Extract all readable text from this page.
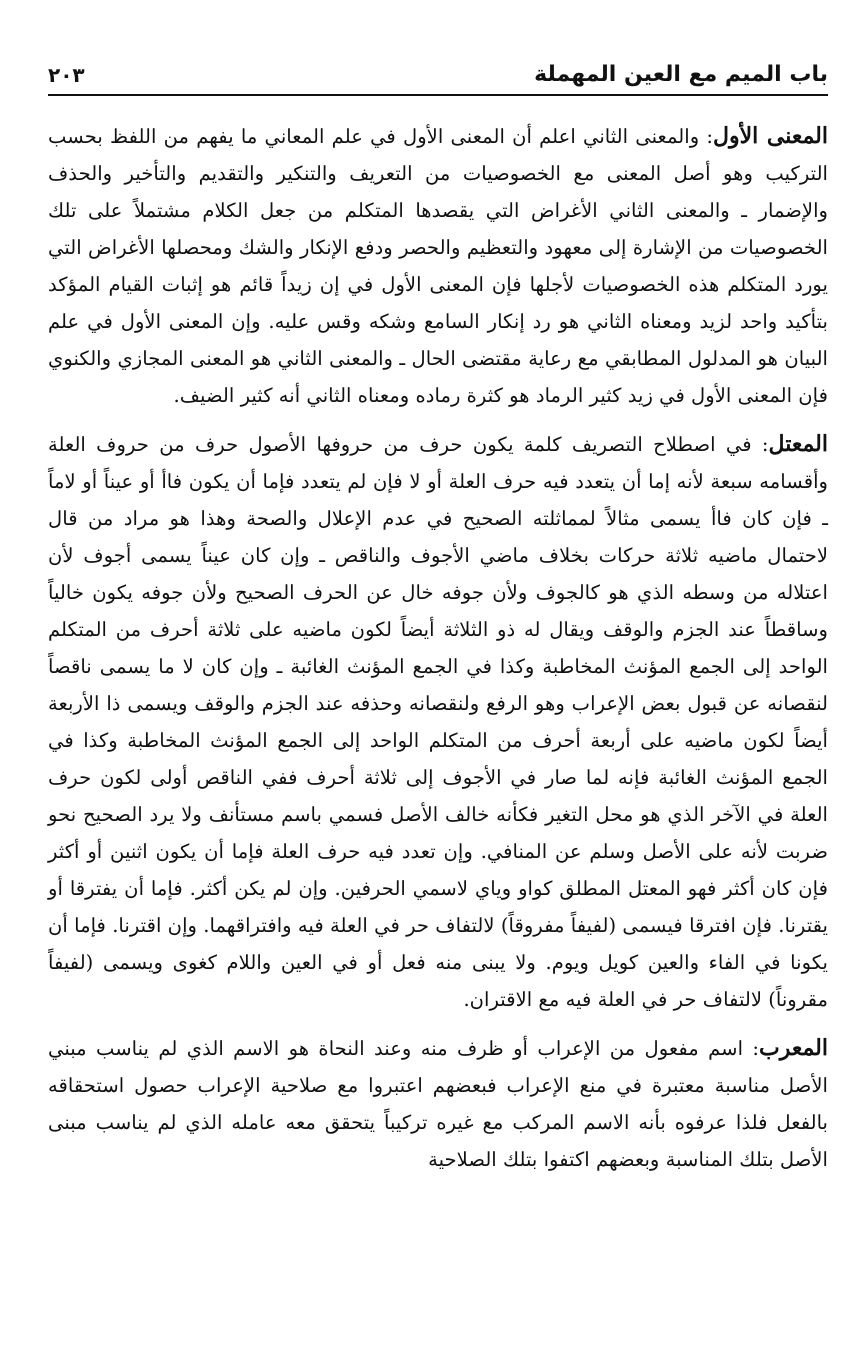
باب الميم مع العين المهملة
٢٠٣

المعنى الأول: والمعنى الثاني اعلم أن المعنى الأول في علم المعاني ما يفهم من اللفظ بحسب التركيب وهو أصل المعنى مع الخصوصيات من التعريف والتنكير والتقديم والتأخير والحذف والإضمار ـ والمعنى الثاني الأغراض التي يقصدها المتكلم من جعل الكلام مشتملاً على تلك الخصوصيات من الإشارة إلى معهود والتعظيم والحصر ودفع الإنكار والشك ومحصلها الأغراض التي يورد المتكلم هذه الخصوصيات لأجلها فإن المعنى الأول في إن زيداً قائم هو إثبات القيام المؤكد بتأكيد واحد لزيد ومعناه الثاني هو رد إنكار السامع وشكه وقس عليه. وإن المعنى الأول في علم البيان هو المدلول المطابقي مع رعاية مقتضى الحال ـ والمعنى الثاني هو المعنى المجازي والكنوي فإن المعنى الأول في زيد كثير الرماد هو كثرة رماده ومعناه الثاني أنه كثير الضيف.

المعتل: في اصطلاح التصريف كلمة يكون حرف من حروفها الأصول حرف من حروف العلة وأقسامه سبعة لأنه إما أن يتعدد فيه حرف العلة أو لا فإن لم يتعدد فإما أن يكون فاأ أو عيناً أو لاماً ـ فإن كان فاأ يسمى مثالاً لمماثلته الصحيح في عدم الإعلال والصحة وهذا هو مراد من قال لاحتمال ماضيه ثلاثة حركات بخلاف ماضي الأجوف والناقص ـ وإن كان عيناً يسمى أجوف لأن اعتلاله من وسطه الذي هو كالجوف ولأن جوفه خال عن الحرف الصحيح ولأن جوفه يكون خالياً وساقطاً عند الجزم والوقف ويقال له ذو الثلاثة أيضاً لكون ماضيه على ثلاثة أحرف من المتكلم الواحد إلى الجمع المؤنث المخاطبة وكذا في الجمع المؤنث الغائبة ـ وإن كان لا ما يسمى ناقصاً لنقصانه عن قبول بعض الإعراب وهو الرفع ولنقصانه وحذفه عند الجزم والوقف ويسمى ذا الأربعة أيضاً لكون ماضيه على أربعة أحرف من المتكلم الواحد إلى الجمع المؤنث المخاطبة وكذا في الجمع المؤنث الغائبة فإنه لما صار في الأجوف إلى ثلاثة أحرف ففي الناقص أولى لكون حرف العلة في الآخر الذي هو محل التغير فكأنه خالف الأصل فسمي باسم مستأنف ولا يرد الصحيح نحو ضربت لأنه على الأصل وسلم عن المنافي. وإن تعدد فيه حرف العلة فإما أن يكون اثنين أو أكثر فإن كان أكثر فهو المعتل المطلق كواو وياي لاسمي الحرفين. وإن لم يكن أكثر. فإما أن يفترقا أو يقترنا. فإن افترقا فيسمى (لفيفاً مفروقاً) لالتفاف حر في العلة فيه وافتراقهما. وإن اقترنا. فإما أن يكونا في الفاء والعين كويل ويوم. ولا يبنى منه فعل أو في العين واللام كغوى ويسمى (لفيفاً مقروناً) لالتفاف حر في العلة فيه مع الاقتران.

المعرب: اسم مفعول من الإعراب أو ظرف منه وعند النحاة هو الاسم الذي لم يناسب مبني الأصل مناسبة معتبرة في منع الإعراب فبعضهم اعتبروا مع صلاحية الإعراب حصول استحقاقه بالفعل فلذا عرفوه بأنه الاسم المركب مع غيره تركيباً يتحقق معه عامله الذي لم يناسب مبنى الأصل بتلك المناسبة وبعضهم اكتفوا بتلك الصلاحية
